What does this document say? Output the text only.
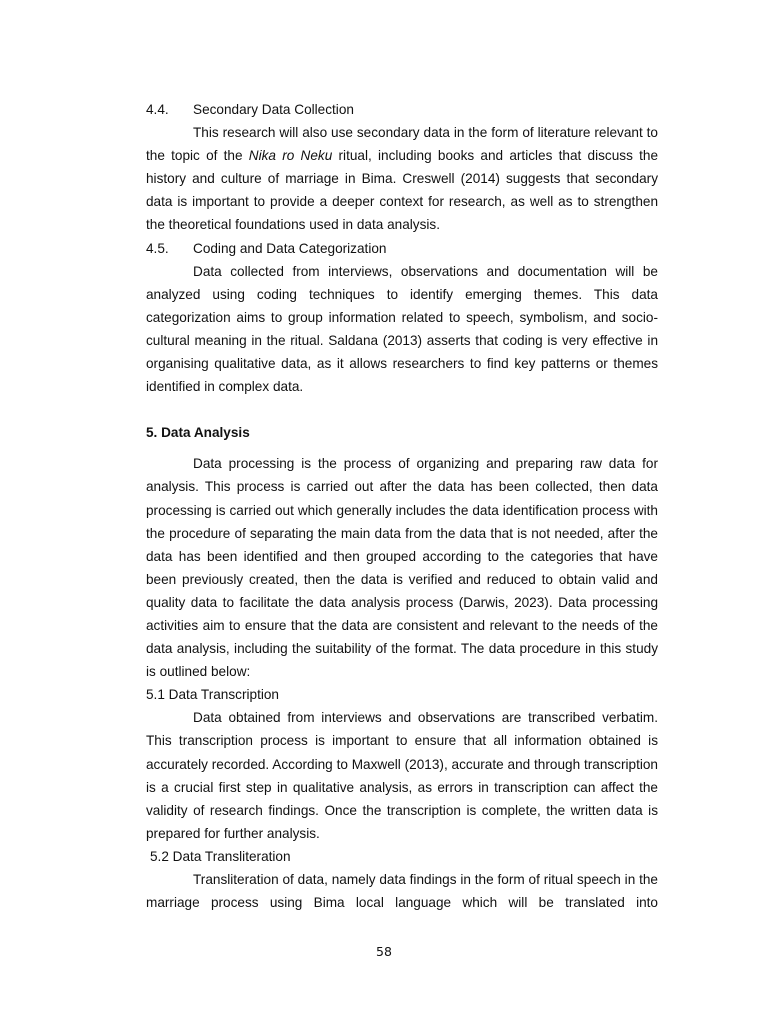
4.4.	Secondary Data Collection

This research will also use secondary data in the form of literature relevant to the topic of the Nika ro Neku ritual, including books and articles that discuss the history and culture of marriage in Bima. Creswell (2014) suggests that secondary data is important to provide a deeper context for research, as well as to strengthen the theoretical foundations used in data analysis.

4.5.	Coding and Data Categorization

Data collected from interviews, observations and documentation will be analyzed using coding techniques to identify emerging themes. This data categorization aims to group information related to speech, symbolism, and socio-cultural meaning in the ritual. Saldana (2013) asserts that coding is very effective in organising qualitative data, as it allows researchers to find key patterns or themes identified in complex data.

5. Data Analysis

Data processing is the process of organizing and preparing raw data for analysis. This process is carried out after the data has been collected, then data processing is carried out which generally includes the data identification process with the procedure of separating the main data from the data that is not needed, after the data has been identified and then grouped according to the categories that have been previously created, then the data is verified and reduced to obtain valid and quality data to facilitate the data analysis process (Darwis, 2023). Data processing activities aim to ensure that the data are consistent and relevant to the needs of the data analysis, including the suitability of the format. The data procedure in this study is outlined below:

5.1 Data Transcription

Data obtained from interviews and observations are transcribed verbatim. This transcription process is important to ensure that all information obtained is accurately recorded. According to Maxwell (2013), accurate and through transcription is a crucial first step in qualitative analysis, as errors in transcription can affect the validity of research findings. Once the transcription is complete, the written data is prepared for further analysis.

5.2 Data Transliteration

Transliteration of data, namely data findings in the form of ritual speech in the marriage process using Bima local language which will be translated into

58
